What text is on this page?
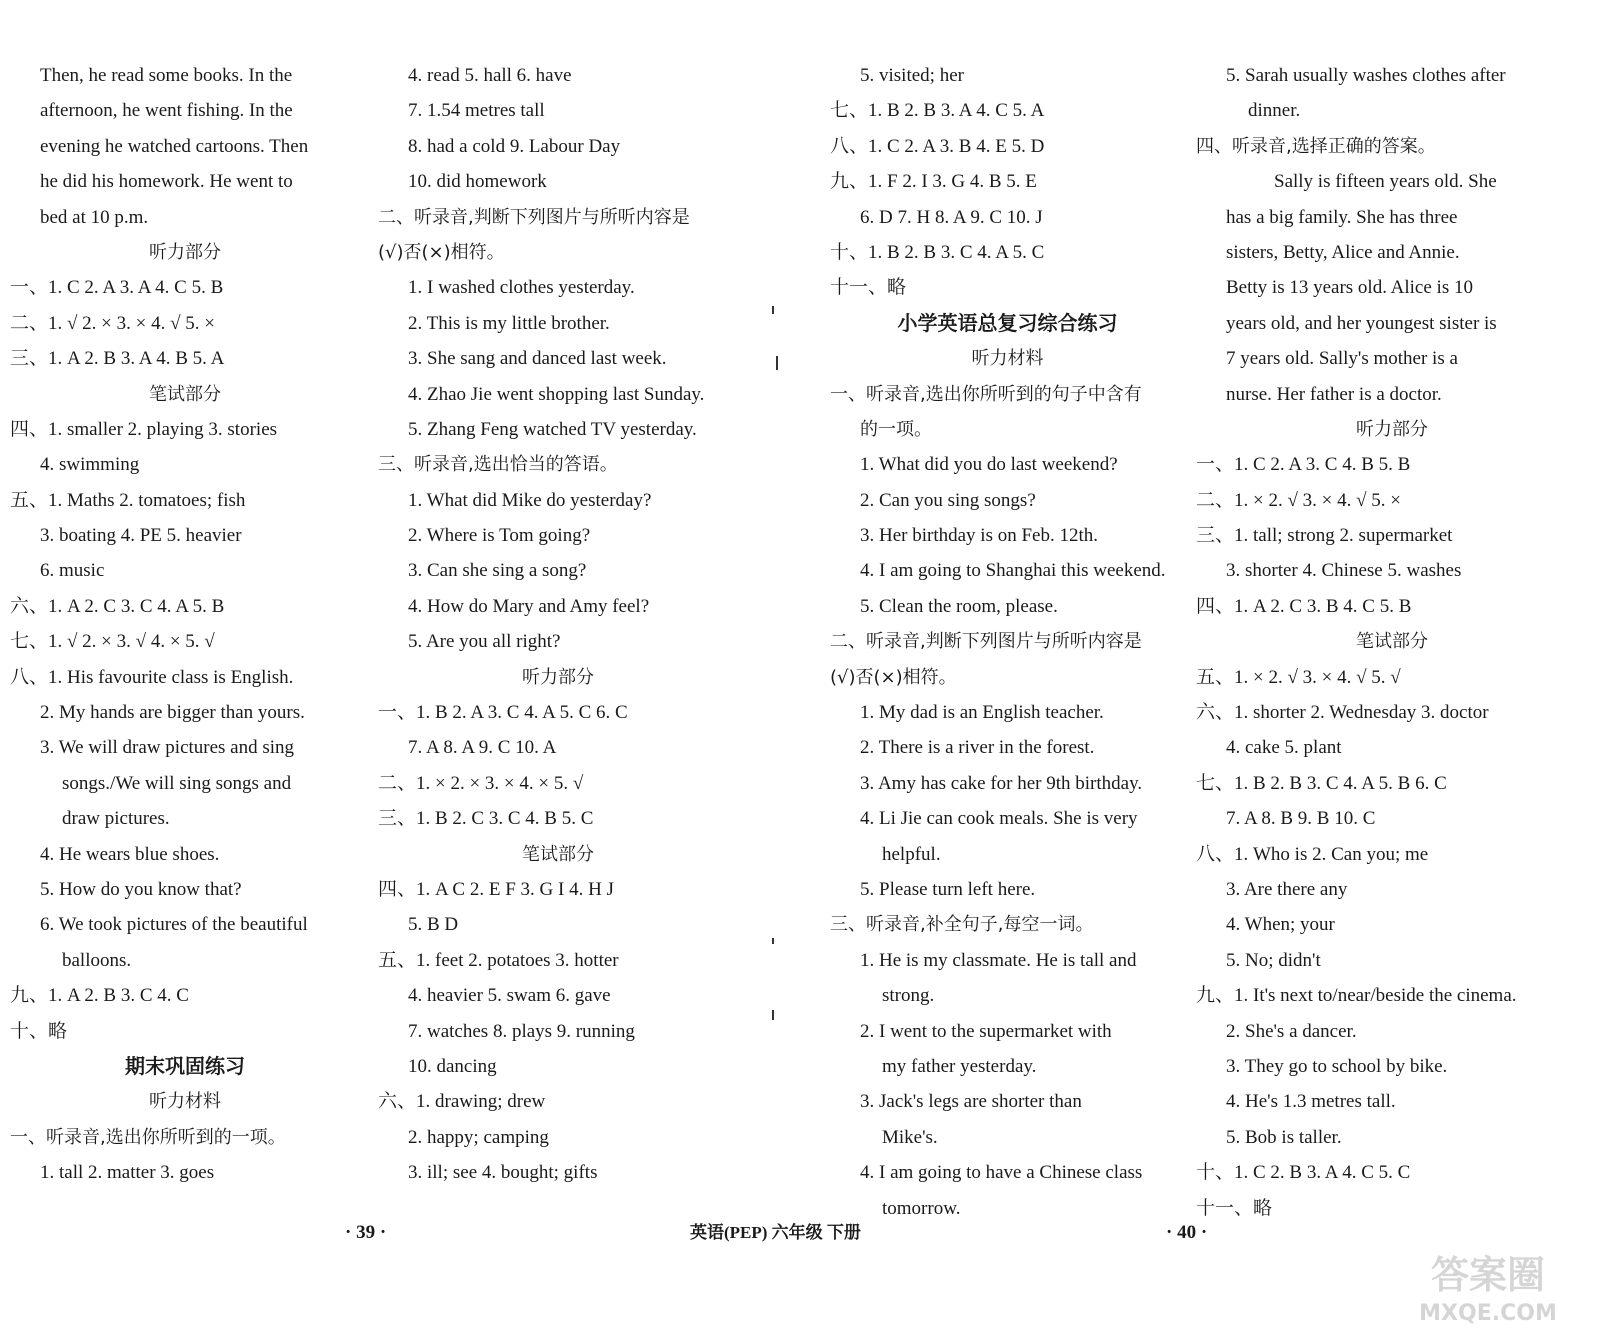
Then, he read some books. In the
afternoon, he went fishing. In the
evening he watched cartoons. Then
he did his homework. He went to
bed at 10 p.m.
听力部分
一、1. C 2. A 3. A 4. C 5. B
二、1. √ 2. × 3. × 4. √ 5. ×
三、1. A 2. B 3. A 4. B 5. A
笔试部分
四、1. smaller 2. playing 3. stories
4. swimming
五、1. Maths 2. tomatoes; fish
3. boating 4. PE 5. heavier
6. music
六、1. A 2. C 3. C 4. A 5. B
七、1. √ 2. × 3. √ 4. × 5. √
八、1. His favourite class is English.
2. My hands are bigger than yours.
3. We will draw pictures and sing
songs./We will sing songs and
draw pictures.
4. He wears blue shoes.
5. How do you know that?
6. We took pictures of the beautiful
balloons.
九、1. A 2. B 3. C 4. C
十、略
期末巩固练习
听力材料
一、听录音,选出你所听到的一项。
1. tall 2. matter 3. goes
4. read 5. hall 6. have
7. 1.54 metres tall
8. had a cold 9. Labour Day
10. did homework
二、听录音,判断下列图片与所听内容是
(√)否(×)相符。
1. I washed clothes yesterday.
2. This is my little brother.
3. She sang and danced last week.
4. Zhao Jie went shopping last Sunday.
5. Zhang Feng watched TV yesterday.
三、听录音,选出恰当的答语。
1. What did Mike do yesterday?
2. Where is Tom going?
3. Can she sing a song?
4. How do Mary and Amy feel?
5. Are you all right?
听力部分
一、1. B 2. A 3. C 4. A 5. C 6. C
7. A 8. A 9. C 10. A
二、1. × 2. × 3. × 4. × 5. √
三、1. B 2. C 3. C 4. B 5. C
笔试部分
四、1. A C 2. E F 3. G I 4. H J
5. B D
五、1. feet 2. potatoes 3. hotter
4. heavier 5. swam 6. gave
7. watches 8. plays 9. running
10. dancing
六、1. drawing; drew
2. happy; camping
3. ill; see 4. bought; gifts
5. visited; her
七、1. B 2. B 3. A 4. C 5. A
八、1. C 2. A 3. B 4. E 5. D
九、1. F 2. I 3. G 4. B 5. E
6. D 7. H 8. A 9. C 10. J
十、1. B 2. B 3. C 4. A 5. C
十一、略
小学英语总复习综合练习
听力材料
一、听录音,选出你所听到的句子中含有
的一项。
1. What did you do last weekend?
2. Can you sing songs?
3. Her birthday is on Feb. 12th.
4. I am going to Shanghai this weekend.
5. Clean the room, please.
二、听录音,判断下列图片与所听内容是
(√)否(×)相符。
1. My dad is an English teacher.
2. There is a river in the forest.
3. Amy has cake for her 9th birthday.
4. Li Jie can cook meals. She is very
helpful.
5. Please turn left here.
三、听录音,补全句子,每空一词。
1. He is my classmate. He is tall and
strong.
2. I went to the supermarket with
my father yesterday.
3. Jack's legs are shorter than
Mike's.
4. I am going to have a Chinese class
tomorrow.
5. Sarah usually washes clothes after
dinner.
四、听录音,选择正确的答案。
Sally is fifteen years old. She
has a big family. She has three
sisters, Betty, Alice and Annie.
Betty is 13 years old. Alice is 10
years old, and her youngest sister is
7 years old. Sally's mother is a
nurse. Her father is a doctor.
听力部分
一、1. C 2. A 3. C 4. B 5. B
二、1. × 2. √ 3. × 4. √ 5. ×
三、1. tall; strong 2. supermarket
3. shorter 4. Chinese 5. washes
四、1. A 2. C 3. B 4. C 5. B
笔试部分
五、1. × 2. √ 3. × 4. √ 5. √
六、1. shorter 2. Wednesday 3. doctor
4. cake 5. plant
七、1. B 2. B 3. C 4. A 5. B 6. C
7. A 8. B 9. B 10. C
八、1. Who is 2. Can you; me
3. Are there any
4. When; your
5. No; didn't
九、1. It's next to/near/beside the cinema.
2. She's a dancer.
3. They go to school by bike.
4. He's 1.3 metres tall.
5. Bob is taller.
十、1. C 2. B 3. A 4. C 5. C
十一、略
· 39 ·	英语(PEP) 六年级 下册	· 40 ·
答案圈
MXQE.COM
